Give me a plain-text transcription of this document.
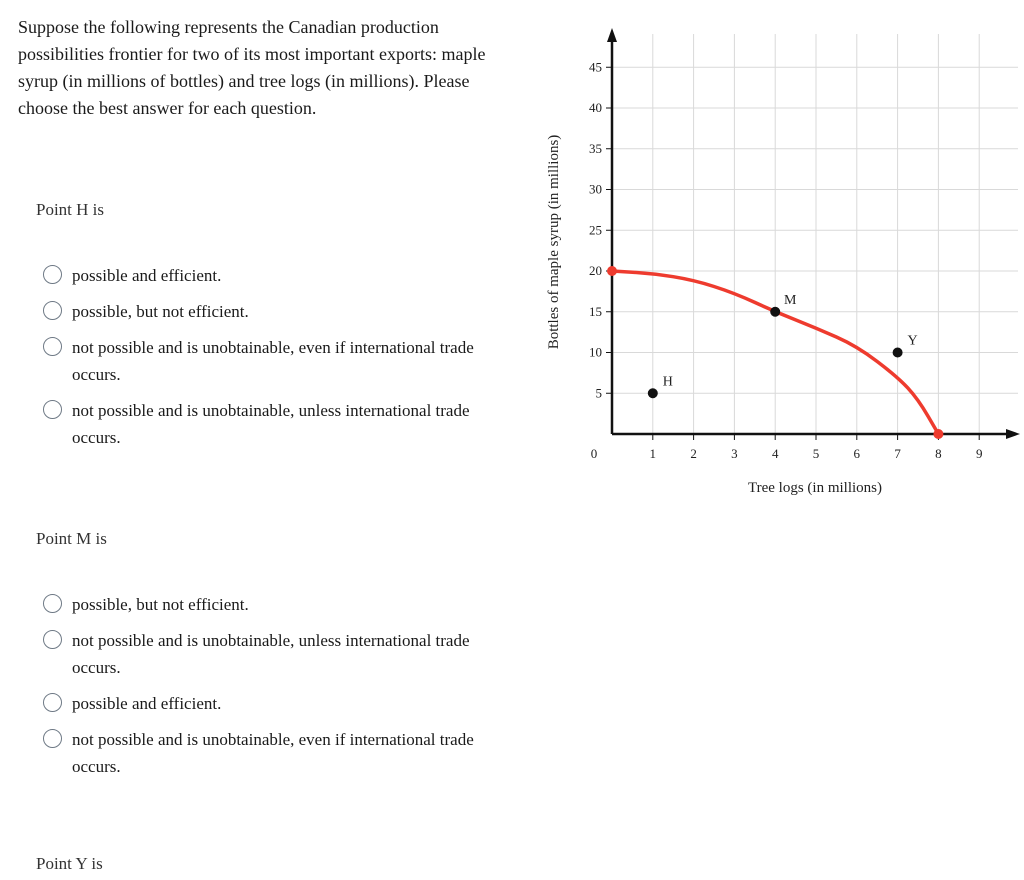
Suppose the following represents the Canadian production possibilities frontier for two of its most important exports: maple syrup (in millions of bottles) and tree logs (in millions). Please choose the best answer for each question.

Point H is

possible and efficient.
possible, but not efficient.
not possible and is unobtainable, even if international trade occurs.
not possible and is unobtainable, unless international trade occurs.

Point M is

possible, but not efficient.
not possible and is unobtainable, unless international trade occurs.
possible and efficient.
not possible and is unobtainable, even if international trade occurs.

Point Y is

1	2	3	4	5	6	7	8	9
5
10
15
20
25
30
35
40
45
0
H
M
Y
Tree logs (in millions)
Bottles of maple syrup (in millions)
